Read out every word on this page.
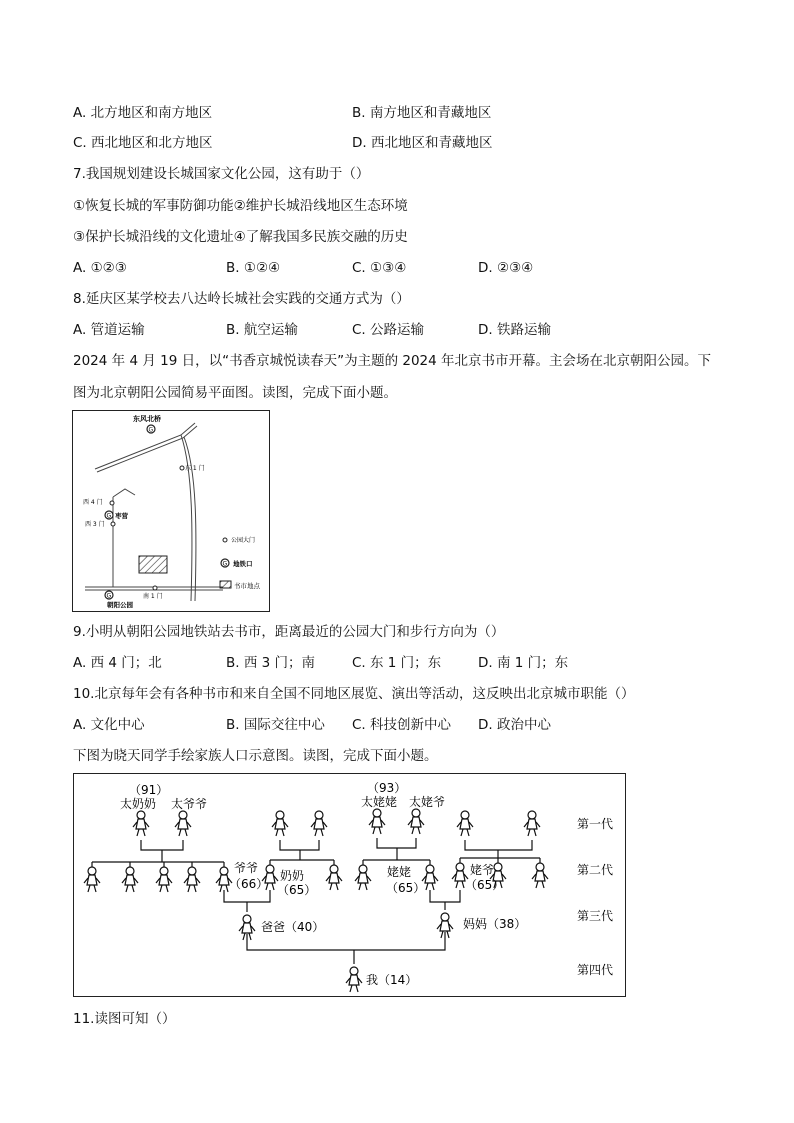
A. 北方地区和南方地区	B. 南方地区和青藏地区
C. 西北地区和北方地区	D. 西北地区和青藏地区
7.我国规划建设长城国家文化公园，这有助于（）
①恢复长城的军事防御功能②维护长城沿线地区生态环境
③保护长城沿线的文化遗址④了解我国多民族交融的历史
A. ①②③	B. ①②④	C. ①③④	D. ②③④
8.延庆区某学校去八达岭长城社会实践的交通方式为（）
A. 管道运输	B. 航空运输	C. 公路运输	D. 铁路运输
2024 年 4 月 19 日，以“书香京城悦读春天”为主题的 2024 年北京书市开幕。主会场在北京朝阳公园。下
图为北京朝阳公园简易平面图。读图，完成下面小题。
G
东风北桥
东 1 门
西 4 门
G 枣营
西 3 门
南 1 门
G
朝阳公园
公园大门
G 地铁口
书市地点
9.小明从朝阳公园地铁站去书市，距离最近的公园大门和步行方向为（）
A. 西 4 门；北	B. 西 3 门；南	C. 东 1 门；东	D. 南 1 门；东
10.北京每年会有各种书市和来自全国不同地区展览、演出等活动，这反映出北京城市职能（）
A. 文化中心	B. 国际交往中心 C. 科技创新中心 D. 政治中心
下图为晓天同学手绘家族人口示意图。读图，完成下面小题。
（91）
太奶奶 太爷爷
（93）
太姥姥 太姥爷
爷爷
（66）
奶奶
（65）
姥姥
（65）
姥爷
（65）
爸爸（40）	妈妈（38）
我（14）
第一代
第二代
第三代
第四代
11.读图可知（）
